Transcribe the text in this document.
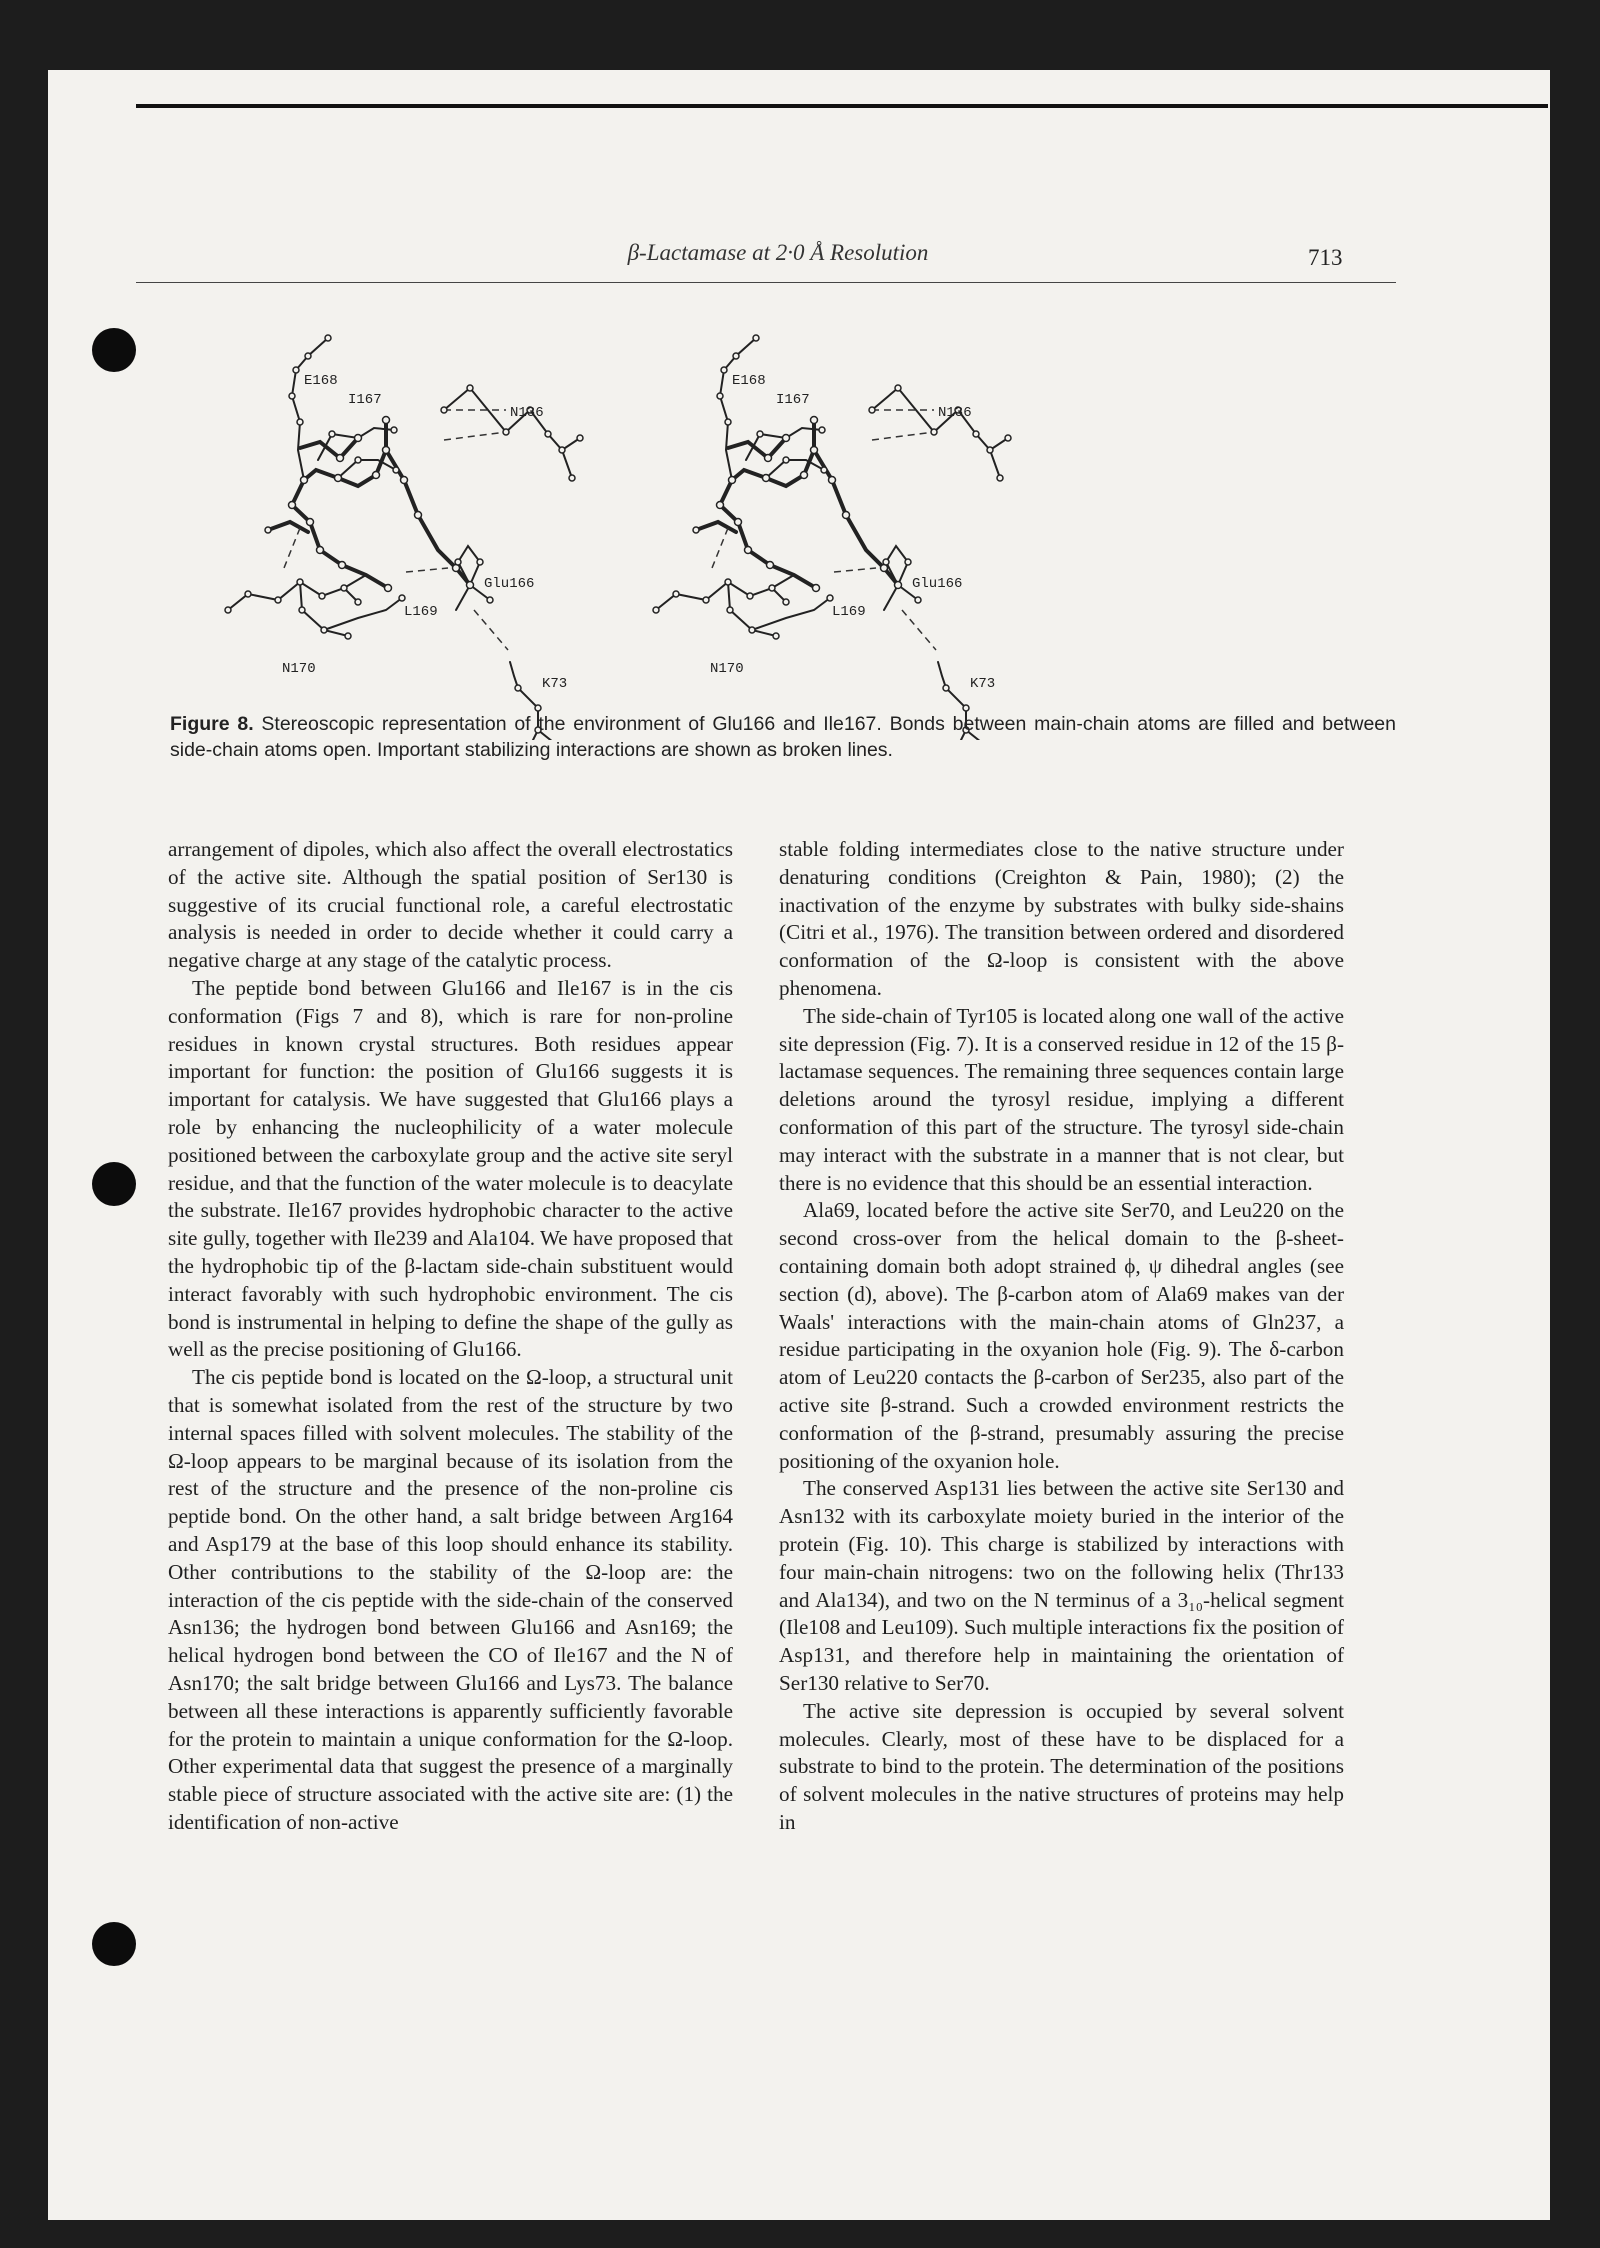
β-Lactamase at 2·0 Å Resolution	713
E168
I167
N136
Glu166
L169
N170
K73
E168
I167
N136
Glu166
L169
N170
K73
Figure 8. Stereoscopic representation of the environment of Glu166 and Ile167. Bonds between main-chain atoms are filled and between side-chain atoms open. Important stabilizing interactions are shown as broken lines.

arrangement of dipoles, which also affect the overall electrostatics of the active site. Although the spatial position of Ser130 is suggestive of its crucial functional role, a careful electrostatic analysis is needed in order to decide whether it could carry a negative charge at any stage of the catalytic process.

The peptide bond between Glu166 and Ile167 is in the cis conformation (Figs 7 and 8), which is rare for non-proline residues in known crystal structures. Both residues appear important for function: the position of Glu166 suggests it is important for catalysis. We have suggested that Glu166 plays a role by enhancing the nucleophilicity of a water molecule positioned between the carboxylate group and the active site seryl residue, and that the function of the water molecule is to deacylate the substrate. Ile167 provides hydrophobic character to the active site gully, together with Ile239 and Ala104. We have proposed that the hydrophobic tip of the β-lactam side-chain substituent would interact favorably with such hydrophobic environment. The cis bond is instrumental in helping to define the shape of the gully as well as the precise positioning of Glu166.

The cis peptide bond is located on the Ω-loop, a structural unit that is somewhat isolated from the rest of the structure by two internal spaces filled with solvent molecules. The stability of the Ω-loop appears to be marginal because of its isolation from the rest of the structure and the presence of the non-proline cis peptide bond. On the other hand, a salt bridge between Arg164 and Asp179 at the base of this loop should enhance its stability. Other contributions to the stability of the Ω-loop are: the interaction of the cis peptide with the side-chain of the conserved Asn136; the hydrogen bond between Glu166 and Asn169; the helical hydrogen bond between the CO of Ile167 and the N of Asn170; the salt bridge between Glu166 and Lys73. The balance between all these interactions is apparently sufficiently favorable for the protein to maintain a unique conformation for the Ω-loop. Other experimental data that suggest the presence of a marginally stable piece of structure associated with the active site are: (1) the identification of non-active

stable folding intermediates close to the native structure under denaturing conditions (Creighton & Pain, 1980); (2) the inactivation of the enzyme by substrates with bulky side-shains (Citri et al., 1976). The transition between ordered and disordered conformation of the Ω-loop is consistent with the above phenomena.

The side-chain of Tyr105 is located along one wall of the active site depression (Fig. 7). It is a conserved residue in 12 of the 15 β-lactamase sequences. The remaining three sequences contain large deletions around the tyrosyl residue, implying a different conformation of this part of the structure. The tyrosyl side-chain may interact with the substrate in a manner that is not clear, but there is no evidence that this should be an essential interaction.

Ala69, located before the active site Ser70, and Leu220 on the second cross-over from the helical domain to the β-sheet-containing domain both adopt strained ϕ, ψ dihedral angles (see section (d), above). The β-carbon atom of Ala69 makes van der Waals' interactions with the main-chain atoms of Gln237, a residue participating in the oxyanion hole (Fig. 9). The δ-carbon atom of Leu220 contacts the β-carbon of Ser235, also part of the active site β-strand. Such a crowded environment restricts the conformation of the β-strand, presumably assuring the precise positioning of the oxyanion hole.

The conserved Asp131 lies between the active site Ser130 and Asn132 with its carboxylate moiety buried in the interior of the protein (Fig. 10). This charge is stabilized by interactions with four main-chain nitrogens: two on the following helix (Thr133 and Ala134), and two on the N terminus of a 3₁₀-helical segment (Ile108 and Leu109). Such multiple interactions fix the position of Asp131, and therefore help in maintaining the orientation of Ser130 relative to Ser70.

The active site depression is occupied by several solvent molecules. Clearly, most of these have to be displaced for a substrate to bind to the protein. The determination of the positions of solvent molecules in the native structures of proteins may help in
